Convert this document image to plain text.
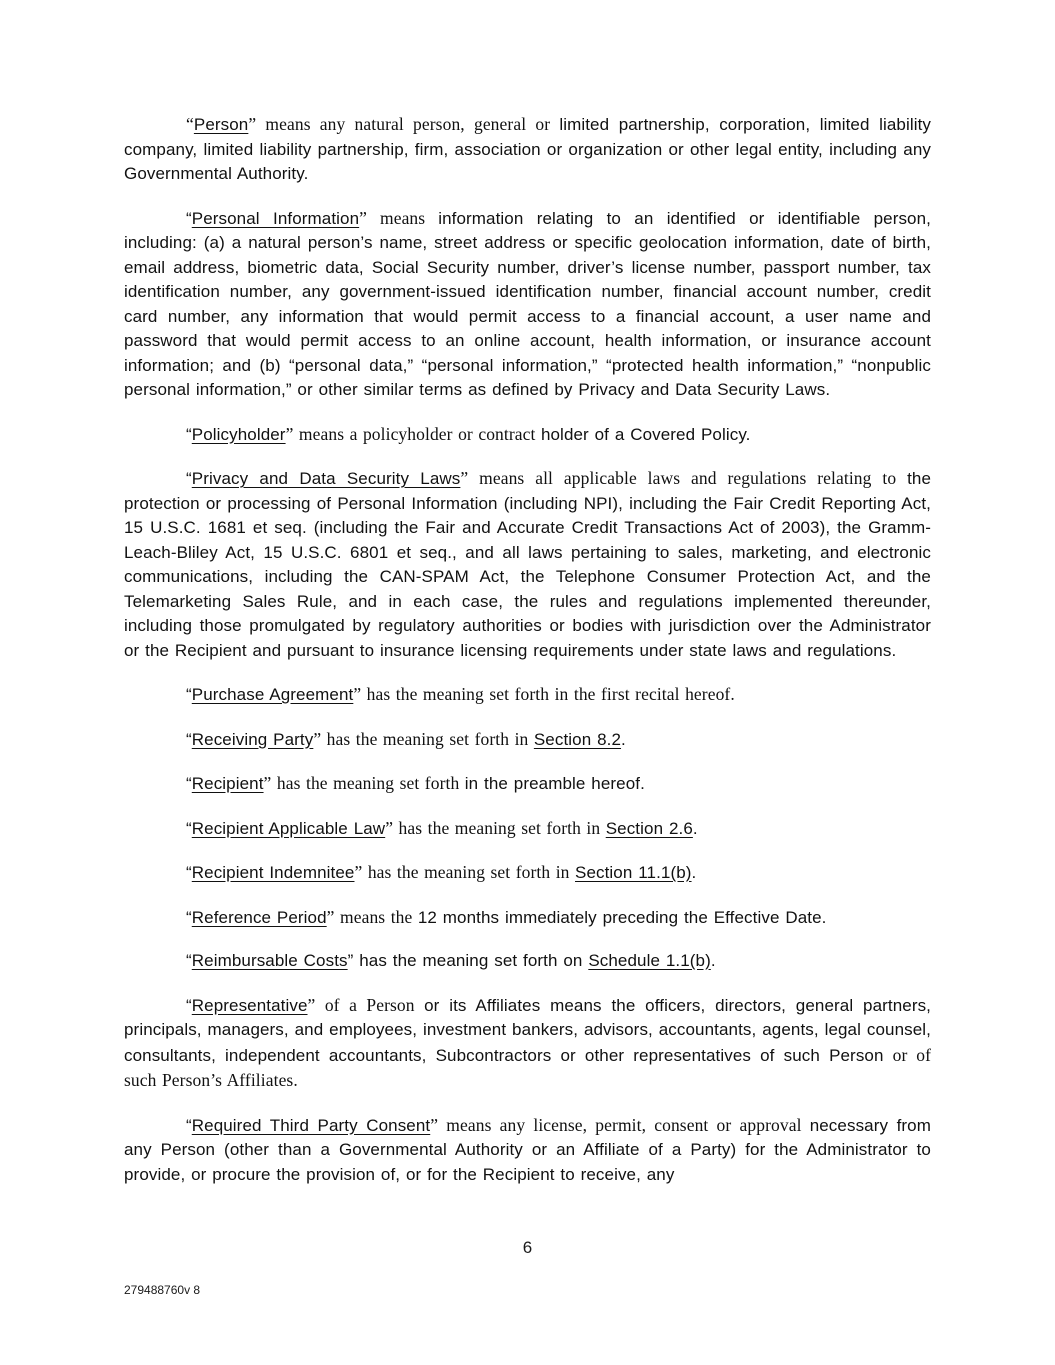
“Person” means any natural person, general or limited partnership, corporation, limited liability company, limited liability partnership, firm, association or organization or other legal entity, including any Governmental Authority.

“Personal Information” means information relating to an identified or identifiable person, including: (a) a natural person’s name, street address or specific geolocation information, date of birth, email address, biometric data, Social Security number, driver’s license number, passport number, tax identification number, any government-issued identification number, financial account number, credit card number, any information that would permit access to a financial account, a user name and password that would permit access to an online account, health information, or insurance account information; and (b) “personal data,” “personal information,” “protected health information,” “nonpublic personal information,” or other similar terms as defined by Privacy and Data Security Laws.

“Policyholder” means a policyholder or contract holder of a Covered Policy.

“Privacy and Data Security Laws” means all applicable laws and regulations relating to the protection or processing of Personal Information (including NPI), including the Fair Credit Reporting Act, 15 U.S.C. 1681 et seq. (including the Fair and Accurate Credit Transactions Act of 2003), the Gramm-Leach-Bliley Act, 15 U.S.C. 6801 et seq., and all laws pertaining to sales, marketing, and electronic communications, including the CAN-SPAM Act, the Telephone Consumer Protection Act, and the Telemarketing Sales Rule, and in each case, the rules and regulations implemented thereunder, including those promulgated by regulatory authorities or bodies with jurisdiction over the Administrator or the Recipient and pursuant to insurance licensing requirements under state laws and regulations.

“Purchase Agreement” has the meaning set forth in the first recital hereof.

“Receiving Party” has the meaning set forth in Section 8.2.

“Recipient” has the meaning set forth in the preamble hereof.

“Recipient Applicable Law” has the meaning set forth in Section 2.6.

“Recipient Indemnitee” has the meaning set forth in Section 11.1(b).

“Reference Period” means the 12 months immediately preceding the Effective Date.

“Reimbursable Costs” has the meaning set forth on Schedule 1.1(b).

“Representative” of a Person or its Affiliates means the officers, directors, general partners, principals, managers, and employees, investment bankers, advisors, accountants, agents, legal counsel, consultants, independent accountants, Subcontractors or other representatives of such Person or of such Person’s Affiliates.

“Required Third Party Consent” means any license, permit, consent or approval necessary from any Person (other than a Governmental Authority or an Affiliate of a Party) for the Administrator to provide, or procure the provision of, or for the Recipient to receive, any

6
279488760v 8
